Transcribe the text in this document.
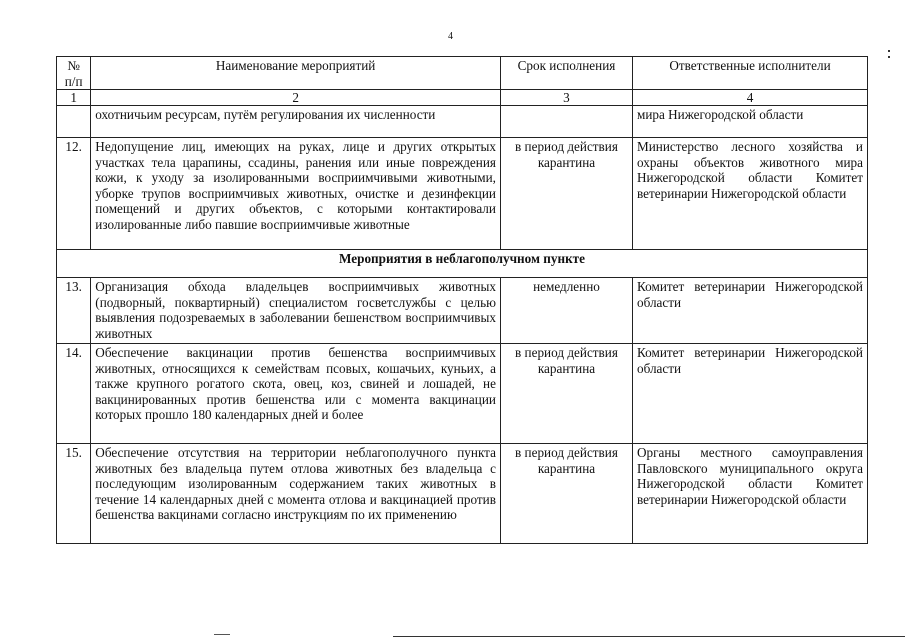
4
№ п/п	Наименование мероприятий	Срок исполнения	Ответственные исполнители
1	2	3	4
	охотничьим ресурсам, путём регулирования их численности		мира Нижегородской области
12.	Недопущение лиц, имеющих на руках, лице и других открытых участках тела царапины, ссадины, ранения или иные повреждения кожи, к уходу за изолированными восприимчивыми животными, уборке трупов восприимчивых животных, очистке и дезинфекции помещений и других объектов, с которыми контактировали изолированные либо павшие восприимчивые животные	в период действия карантина	Министерство лесного хозяйства и охраны объектов животного мира Нижегородской области Комитет ветеринарии Нижегородской области
Мероприятия в неблагополучном пункте			
13.	Организация обхода владельцев восприимчивых животных (подворный, поквартирный) специалистом госветслужбы с целью выявления подозреваемых в заболевании бешенством восприимчивых животных	немедленно	Комитет ветеринарии Нижегородской области
14.	Обеспечение вакцинации против бешенства восприимчивых животных, относящихся к семействам псовых, кошачьих, куньих, а также крупного рогатого скота, овец, коз, свиней и лошадей, не вакцинированных против бешенства или с момента вакцинации которых прошло 180 календарных дней и более	в период действия карантина	Комитет ветеринарии Нижегородской области
15.	Обеспечение отсутствия на территории неблагополучного пункта животных без владельца путем отлова животных без владельца с последующим изолированным содержанием таких животных в течение 14 календарных дней с момента отлова и вакцинацией против бешенства вакцинами согласно инструкциям по их применению	в период действия карантина	Органы местного самоуправления Павловского муниципального округа Нижегородской области Комитет ветеринарии Нижегородской области
